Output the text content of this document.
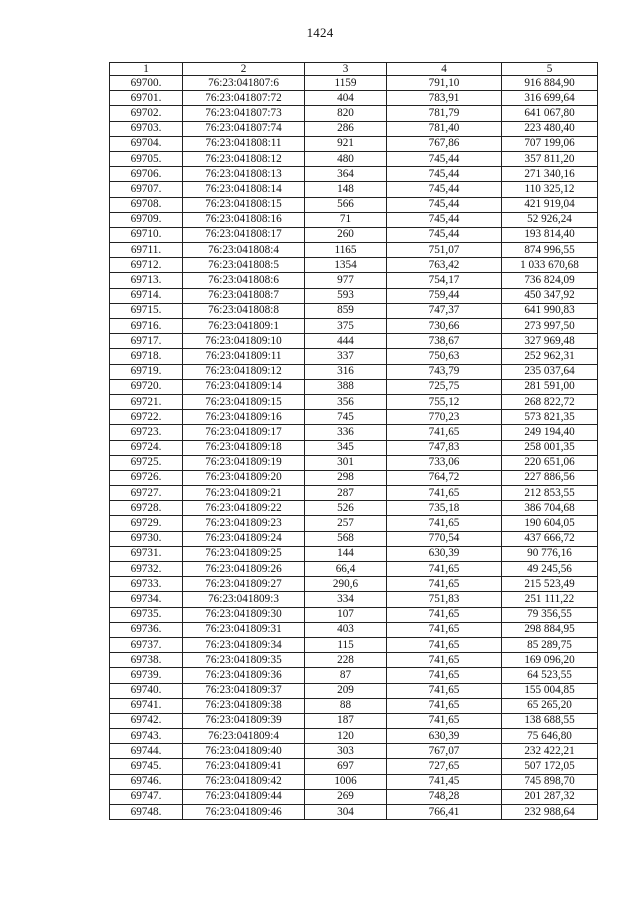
1424
1	2	3	4	5
69700.	76:23:041807:6	1159	791,10	916 884,90
69701.	76:23:041807:72	404	783,91	316 699,64
69702.	76:23:041807:73	820	781,79	641 067,80
69703.	76:23:041807:74	286	781,40	223 480,40
69704.	76:23:041808:11	921	767,86	707 199,06
69705.	76:23:041808:12	480	745,44	357 811,20
69706.	76:23:041808:13	364	745,44	271 340,16
69707.	76:23:041808:14	148	745,44	110 325,12
69708.	76:23:041808:15	566	745,44	421 919,04
69709.	76:23:041808:16	71	745,44	52 926,24
69710.	76:23:041808:17	260	745,44	193 814,40
69711.	76:23:041808:4	1165	751,07	874 996,55
69712.	76:23:041808:5	1354	763,42	1 033 670,68
69713.	76:23:041808:6	977	754,17	736 824,09
69714.	76:23:041808:7	593	759,44	450 347,92
69715.	76:23:041808:8	859	747,37	641 990,83
69716.	76:23:041809:1	375	730,66	273 997,50
69717.	76:23:041809:10	444	738,67	327 969,48
69718.	76:23:041809:11	337	750,63	252 962,31
69719.	76:23:041809:12	316	743,79	235 037,64
69720.	76:23:041809:14	388	725,75	281 591,00
69721.	76:23:041809:15	356	755,12	268 822,72
69722.	76:23:041809:16	745	770,23	573 821,35
69723.	76:23:041809:17	336	741,65	249 194,40
69724.	76:23:041809:18	345	747,83	258 001,35
69725.	76:23:041809:19	301	733,06	220 651,06
69726.	76:23:041809:20	298	764,72	227 886,56
69727.	76:23:041809:21	287	741,65	212 853,55
69728.	76:23:041809:22	526	735,18	386 704,68
69729.	76:23:041809:23	257	741,65	190 604,05
69730.	76:23:041809:24	568	770,54	437 666,72
69731.	76:23:041809:25	144	630,39	90 776,16
69732.	76:23:041809:26	66,4	741,65	49 245,56
69733.	76:23:041809:27	290,6	741,65	215 523,49
69734.	76:23:041809:3	334	751,83	251 111,22
69735.	76:23:041809:30	107	741,65	79 356,55
69736.	76:23:041809:31	403	741,65	298 884,95
69737.	76:23:041809:34	115	741,65	85 289,75
69738.	76:23:041809:35	228	741,65	169 096,20
69739.	76:23:041809:36	87	741,65	64 523,55
69740.	76:23:041809:37	209	741,65	155 004,85
69741.	76:23:041809:38	88	741,65	65 265,20
69742.	76:23:041809:39	187	741,65	138 688,55
69743.	76:23:041809:4	120	630,39	75 646,80
69744.	76:23:041809:40	303	767,07	232 422,21
69745.	76:23:041809:41	697	727,65	507 172,05
69746.	76:23:041809:42	1006	741,45	745 898,70
69747.	76:23:041809:44	269	748,28	201 287,32
69748.	76:23:041809:46	304	766,41	232 988,64
